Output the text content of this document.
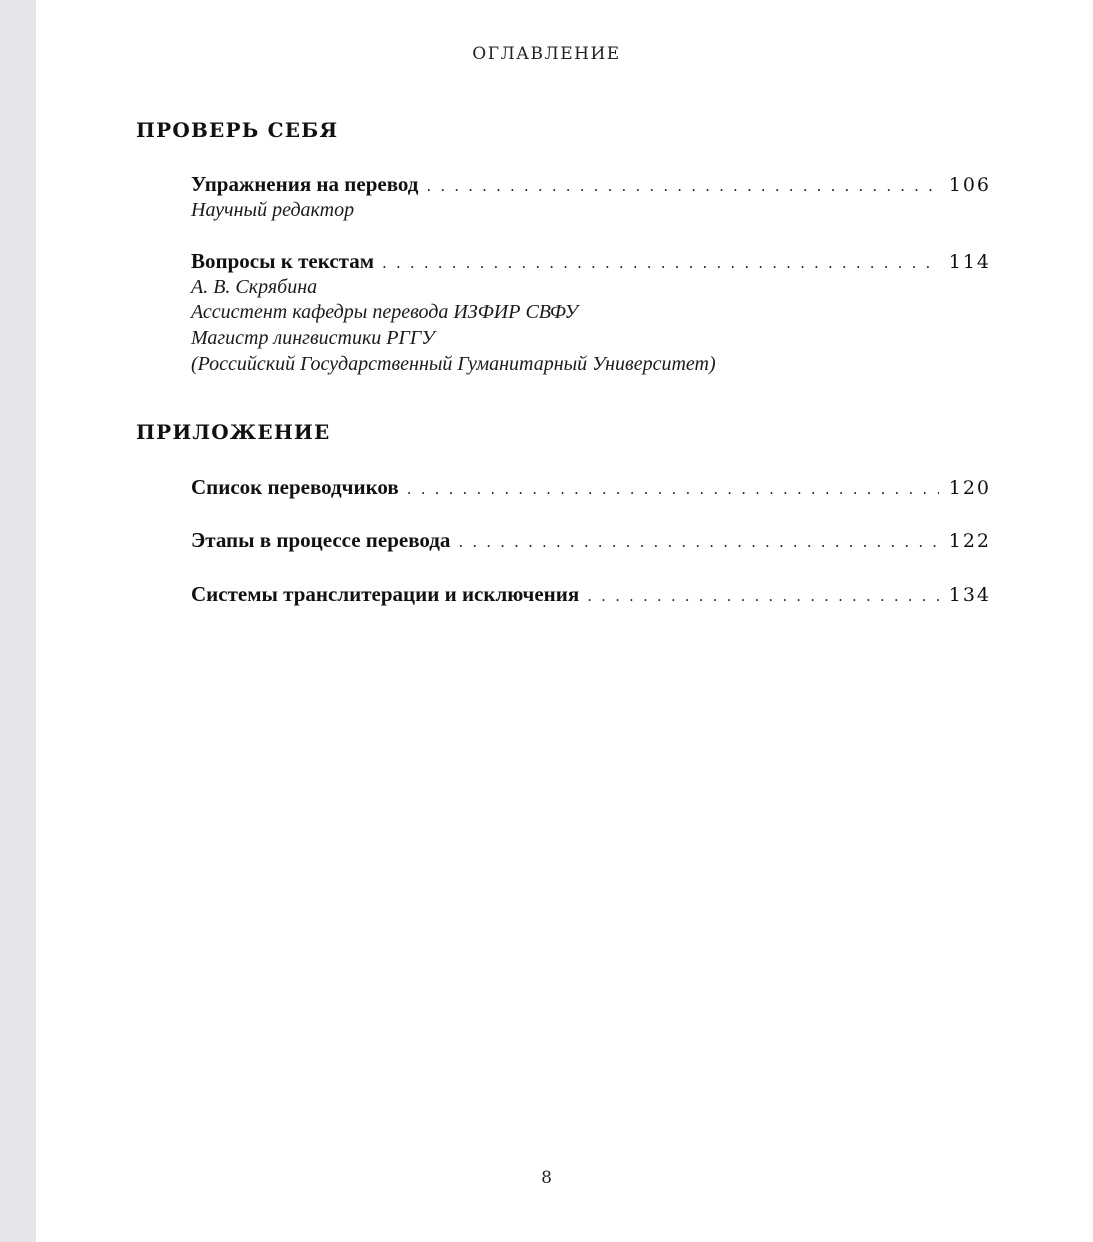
ОГЛАВЛЕНИЕ
ПРОВЕРЬ СЕБЯ
Упражнения на перевод . . .	106
Научный редактор
Вопросы к текстам . . .	114
А. В. Скрябина
Ассистент кафедры перевода ИЗФИР СВФУ
Магистр лингвистики РГГУ
(Российский Государственный Гуманитарный Университет)
ПРИЛОЖЕНИЕ
Список переводчиков . . .	120
Этапы в процессе перевода . . .	122
Системы транслитерации и исключения . . .	134
8
